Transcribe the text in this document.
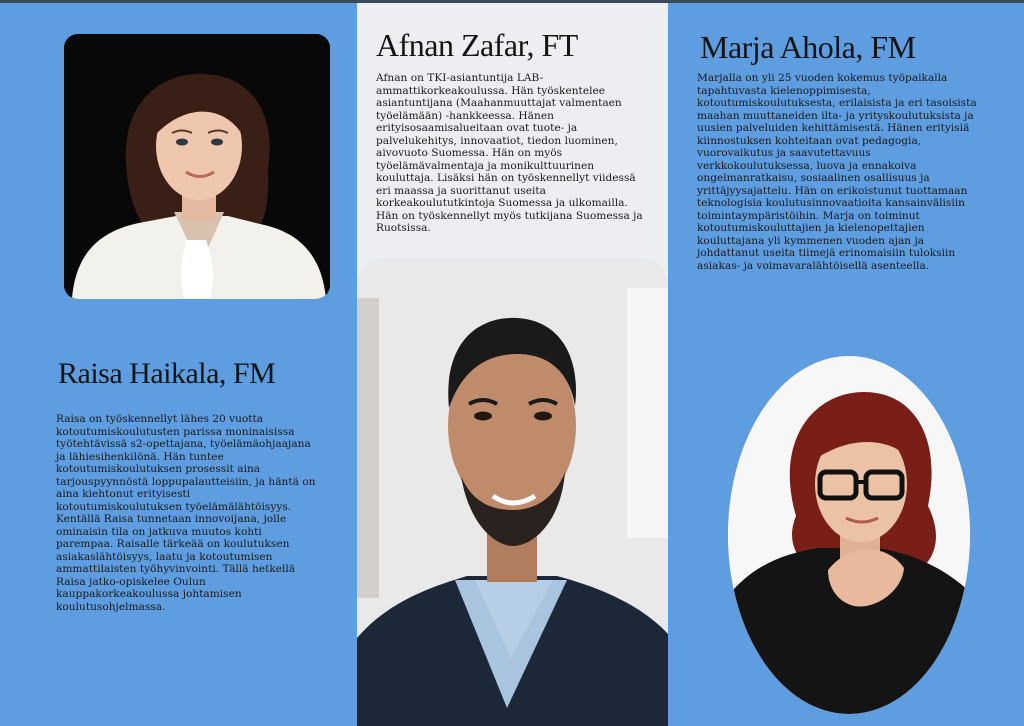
Raisa Haikala, FM

Raisa on työskennellyt lähes 20 vuotta kotoutumiskoulutusten parissa moninaisissa työtehtävissä s2-opettajana, työelämäohjaajana ja lähiesihenkilönä. Hän tuntee kotoutumiskoulutuksen prosessit aina tarjouspyynnöstä loppupalautteisiin, ja häntä on aina kiehtonut erityisesti kotoutumiskoulutuksen työelämälähtöisyys. Kentällä Raisa tunnetaan innovoijana, jolle ominaisin tila on jatkuva muutos kohti parempaa. Raisalle tärkeää on koulutuksen asiakaslähtöisyys, laatu ja kotoutumisen ammattilaisten työhyvinvointi. Tällä hetkellä Raisa jatko-opiskelee Oulun kauppakorkeakoulussa johtamisen koulutusohjelmassa.

Afnan Zafar, FT

Afnan on TKI-asiantuntija LAB-ammattikorkeakoulussa. Hän työskentelee asiantuntijana (Maahanmuuttajat valmentaen työelämään) -hankkeessa. Hänen erityisosaamisalueitaan ovat tuote- ja palvelukehitys, innovaatiot, tiedon luominen, aivovuoto Suomessa. Hän on myös työelämävalmentaja ja monikulttuurinen kouluttaja. Lisäksi hän on työskennellyt viidessä eri maassa ja suorittanut useita korkeakoulututkintoja Suomessa ja ulkomailla. Hän on työskennellyt myös tutkijana Suomessa ja Ruotsissa.

Marja Ahola, FM

Marjalla on yli 25 vuoden kokemus työpaikalla tapahtuvasta kielenoppimisesta, kotoutumiskoulutuksesta, erilaisista ja eri tasoisista maahan muuttaneiden ilta- ja yrityskoulutuksista ja uusien palveluiden kehittämisestä. Hänen erityisiä kiinnostuksen kohteitaan ovat pedagogia, vuorovaikutus ja saavutettavuus verkkokoulutuksessa, luova ja ennakoiva ongelmanratkaisu, sosiaalinen osallisuus ja yrittäjyysajattelu. Hän on erikoistunut tuottamaan teknologisia koulutusinnovaatioita kansainvälisiin toimintaympäristöihin. Marja on toiminut kotoutumiskouluttajien ja kielenopettajien kouluttajana yli kymmenen vuoden ajan ja johdattanut useita tiimejä erinomaisiin tuloksiin asiakas- ja voimavaralähtöisellä asenteella.
